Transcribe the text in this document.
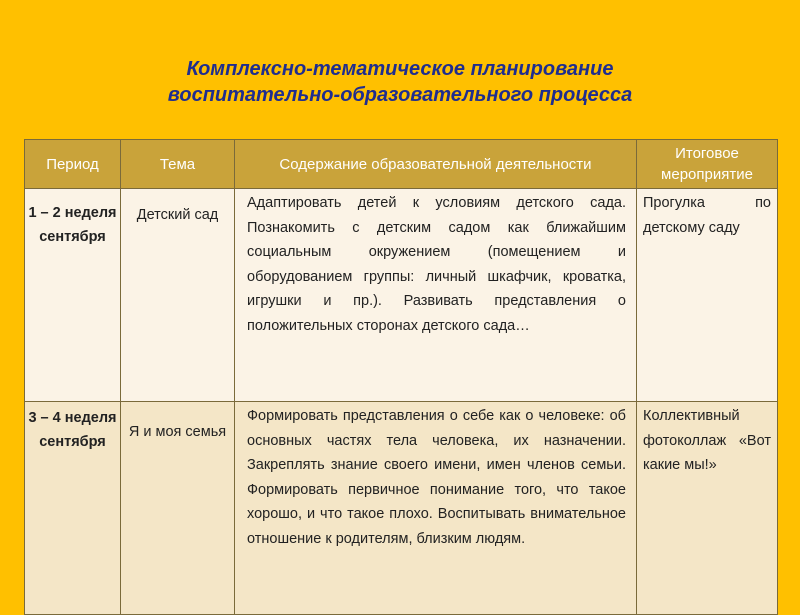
Комплексно-тематическое планирование
воспитательно-образовательного процесса
Период	Тема	Содержание образовательной деятельности	Итоговое мероприятие
1 – 2 неделя сентября	Детский сад	Адаптировать детей к условиям детского сада. Познакомить с детским садом как ближайшим социальным окружением (помещением и оборудованием группы: личный шкафчик, кроватка, игрушки и пр.). Развивать представления о положительных сторонах детского сада…	Прогулка по детскому саду
3 – 4 неделя сентября	Я и моя семья	Формировать представления о себе как о человеке: об основных частях тела человека, их назначении. Закреплять знание своего имени, имен членов семьи. Формировать первичное понимание того, что такое хорошо, и что такое плохо. Воспитывать внимательное отношение к родителям, близким людям.	Коллективный фотоколлаж «Вот какие мы!»
